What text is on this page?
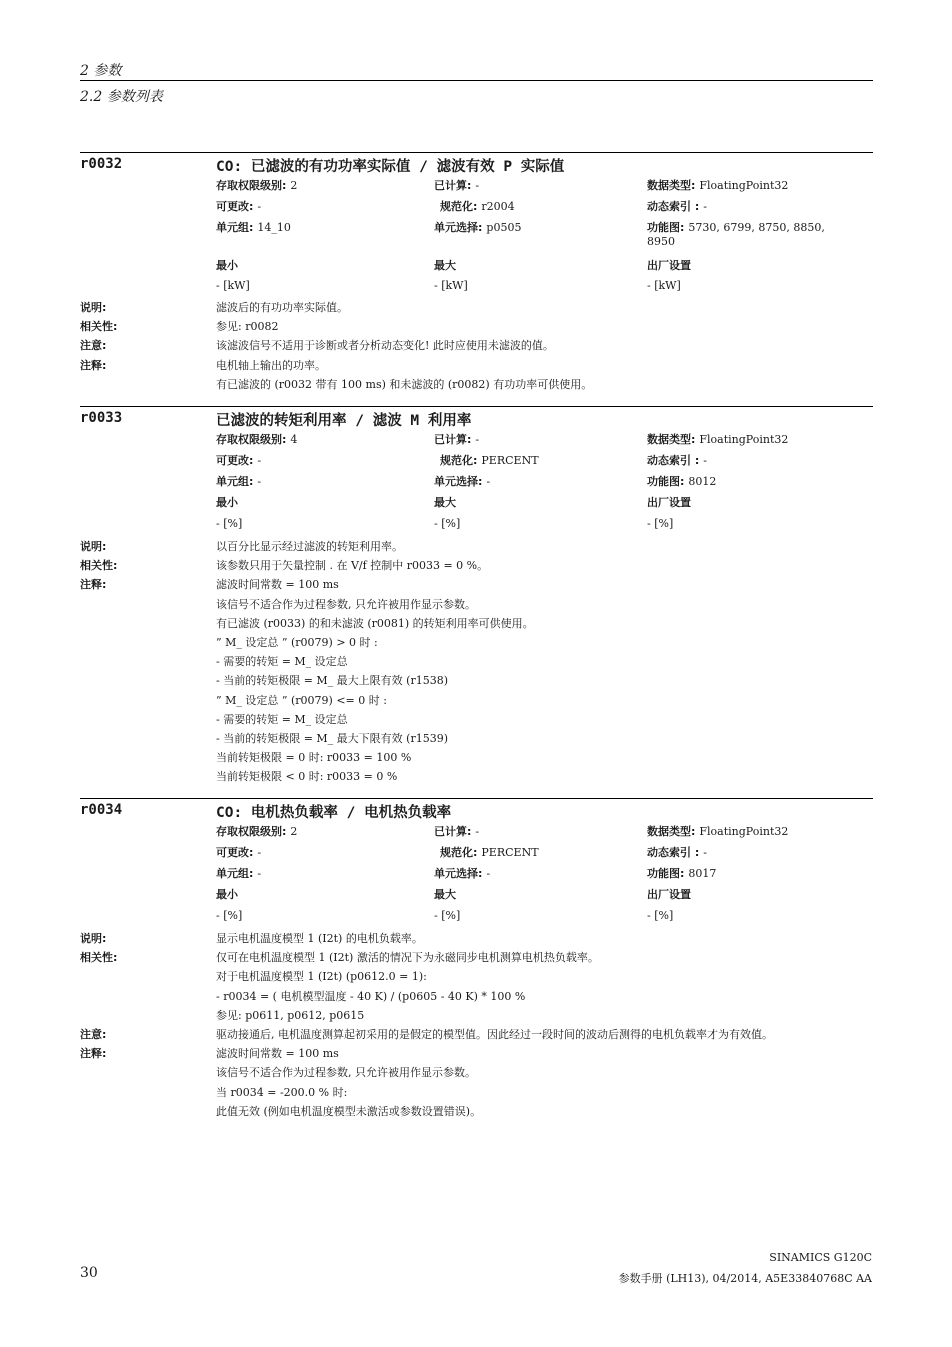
2 参数
2.2 参数列表
r0032	CO: 已滤波的有功功率实际值 / 滤波有效 P 实际值
存取权限级别: 2	已计算: -	数据类型: FloatingPoint32
可更改: -	规范化: r2004	动态索引 : -
单元组: 14_10	单元选择: p0505	功能图: 5730, 6799, 8750, 8850,
8950
最小	最大	出厂设置
- [kW]	- [kW]	- [kW]
说明:	滤波后的有功功率实际值。
相关性:	参见: r0082
注意:	该滤波信号不适用于诊断或者分析动态变化! 此时应使用未滤波的值。
注释:	电机轴上输出的功率。
有已滤波的 (r0032 带有 100 ms) 和未滤波的 (r0082) 有功功率可供使用。
r0033	已滤波的转矩利用率 / 滤波 M 利用率
存取权限级别: 4	已计算: -	数据类型: FloatingPoint32
可更改: -	规范化: PERCENT	动态索引 : -
单元组: -	单元选择: -	功能图: 8012
最小	最大	出厂设置
- [%]	- [%]	- [%]
说明:	以百分比显示经过滤波的转矩利用率。
相关性:	该参数只用于矢量控制 . 在 V/f 控制中 r0033 = 0 %。
注释:	滤波时间常数 = 100 ms
该信号不适合作为过程参数, 只允许被用作显示参数。
有已滤波 (r0033) 的和未滤波 (r0081) 的转矩利用率可供使用。
” M_ 设定总 ” (r0079) > 0 时 :
- 需要的转矩 = M_ 设定总
- 当前的转矩极限 = M_ 最大上限有效 (r1538)
” M_ 设定总 ” (r0079) <= 0 时 :
- 需要的转矩 = M_ 设定总
- 当前的转矩极限 = M_ 最大下限有效 (r1539)
当前转矩极限 = 0 时: r0033 = 100 %
当前转矩极限 < 0 时: r0033 = 0 %
r0034	CO: 电机热负载率 / 电机热负载率
存取权限级别: 2	已计算: -	数据类型: FloatingPoint32
可更改: -	规范化: PERCENT	动态索引 : -
单元组: -	单元选择: -	功能图: 8017
最小	最大	出厂设置
- [%]	- [%]	- [%]
说明:	显示电机温度模型 1 (I2t) 的电机负载率。
相关性:	仅可在电机温度模型 1 (I2t) 激活的情况下为永磁同步电机测算电机热负载率。
对于电机温度模型 1 (I2t) (p0612.0 = 1):
- r0034 = ( 电机模型温度 - 40 K) / (p0605 - 40 K) * 100 %
参见: p0611, p0612, p0615
注意:	驱动接通后, 电机温度测算起初采用的是假定的模型值。因此经过一段时间的波动后测得的电机负载率才为有效值。
注释:	滤波时间常数 = 100 ms
该信号不适合作为过程参数, 只允许被用作显示参数。
当 r0034 = -200.0 % 时:
此值无效 (例如电机温度模型未激活或参数设置错误)。
30
SINAMICS G120C
参数手册 (LH13), 04/2014, A5E33840768C AA
